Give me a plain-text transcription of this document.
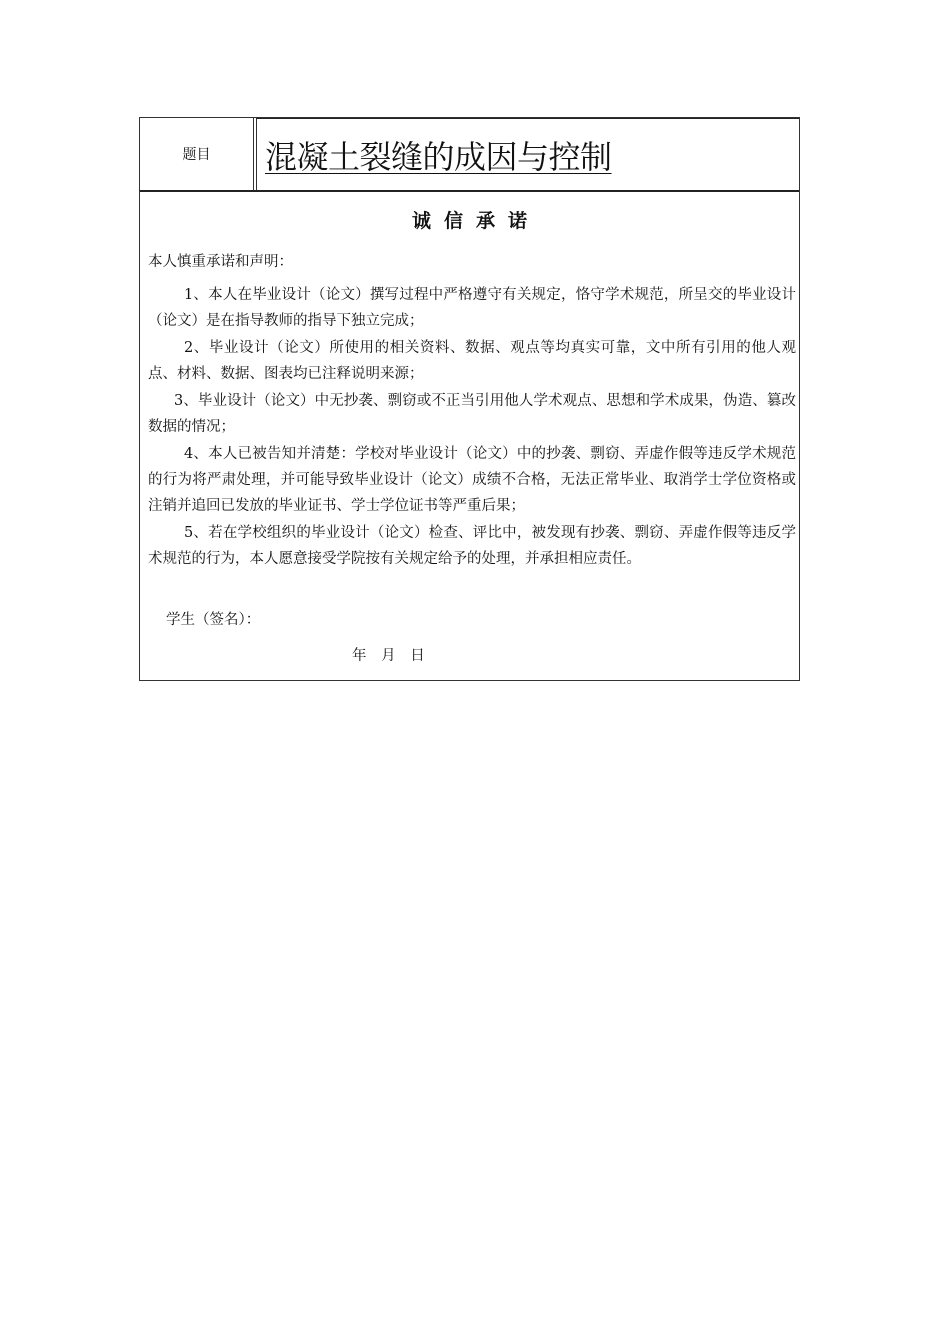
题目	混凝土裂缝的成因与控制
诚信承诺

本人慎重承诺和声明：

1、本人在毕业设计（论文）撰写过程中严格遵守有关规定，恪守学术规范，所呈交的毕业设计（论文）是在指导教师的指导下独立完成；

2、毕业设计（论文）所使用的相关资料、数据、观点等均真实可靠，文中所有引用的他人观点、材料、数据、图表均已注释说明来源；

3、毕业设计（论文）中无抄袭、剽窃或不正当引用他人学术观点、思想和学术成果，伪造、篡改数据的情况；

4、本人已被告知并清楚：学校对毕业设计（论文）中的抄袭、剽窃、弄虚作假等违反学术规范的行为将严肃处理，并可能导致毕业设计（论文）成绩不合格，无法正常毕业、取消学士学位资格或注销并追回已发放的毕业证书、学士学位证书等严重后果；

5、若在学校组织的毕业设计（论文）检查、评比中，被发现有抄袭、剽窃、弄虚作假等违反学术规范的行为，本人愿意接受学院按有关规定给予的处理，并承担相应责任。

学生（签名）：
年 月 日
